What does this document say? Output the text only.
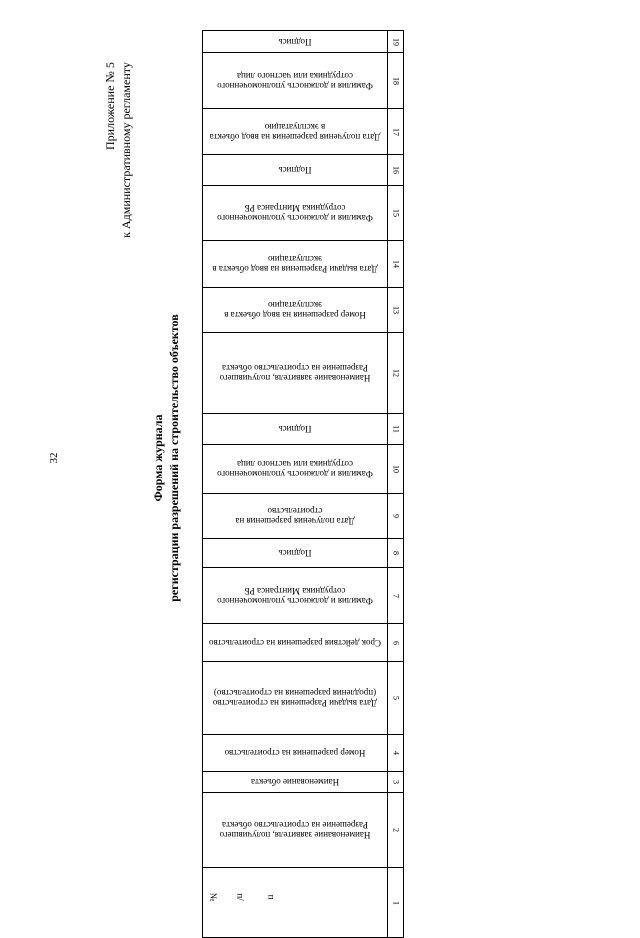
32
Приложение № 5 к Административному регламенту
Форма журнала регистрации разрешений на строительство объектов
Подпись	19

Фамилия и должность уполномоченного сотрудника или частного лица	18

Дата получения разрешения на ввод объекта в эксплуатацию	17

Подпись	16

Фамилия и должность уполномоченного сотрудника Минтранса РБ	15

Дата выдачи Разрешения на ввод объекта в эксплуатацию	14

Номер разрешения на ввод объекта в эксплуатацию	13

Наименование заявителя, получившего Разрешение на строительство объекта	12

Подпись	11

Фамилия и должность уполномоченного сотрудника или частного лица	10

Дата получения разрешения на строительство	9

Подпись	8

Фамилия и должность уполномоченного сотрудника Минтранса РБ	7

Срок действия разрешения на строительство	6

Дата выдачи Разрешения на строительство (продления разрешения на строительство)	5

Номер разрешения на строительство	4

Наименование объекта	3

Наименование заявителя, получившего Разрешение на строительство объекта	2

№ п/ п	1
